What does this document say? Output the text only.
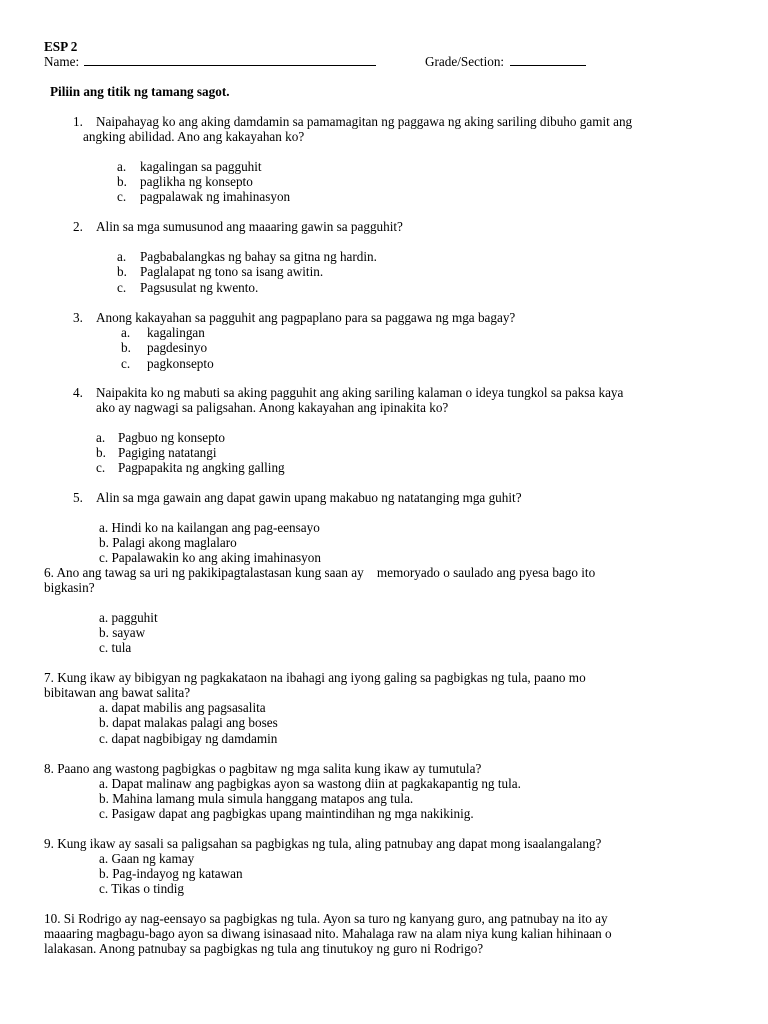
ESP 2
Name:	Grade/Section:
Piliin ang titik ng tamang sagot.
1. Naipahayag ko ang aking damdamin sa pamamagitan ng paggawa ng aking sariling dibuho gamit ang
angking abilidad. Ano ang kakayahan ko?
a. kagalingan sa pagguhit
b. paglikha ng konsepto
c. pagpalawak ng imahinasyon
2. Alin sa mga sumusunod ang maaaring gawin sa pagguhit?
a. Pagbabalangkas ng bahay sa gitna ng hardin.
b. Paglalapat ng tono sa isang awitin.
c. Pagsusulat ng kwento.
3. Anong kakayahan sa pagguhit ang pagpaplano para sa paggawa ng mga bagay?
a. kagalingan
b. pagdesinyo
c. pagkonsepto
4. Naipakita ko ng mabuti sa aking pagguhit ang aking sariling kalaman o ideya tungkol sa paksa kaya
ako ay nagwagi sa paligsahan. Anong kakayahan ang ipinakita ko?
a. Pagbuo ng konsepto
b. Pagiging natatangi
c. Pagpapakita ng angking galling
5. Alin sa mga gawain ang dapat gawin upang makabuo ng natatanging mga guhit?
a. Hindi ko na kailangan ang pag-eensayo
b. Palagi akong maglalaro
c. Papalawakin ko ang aking imahinasyon
6. Ano ang tawag sa uri ng pakikipagtalastasan kung saan ay    memoryado o saulado ang pyesa bago ito
bigkasin?
a. pagguhit
b. sayaw
c. tula
7. Kung ikaw ay bibigyan ng pagkakataon na ibahagi ang iyong galing sa pagbigkas ng tula, paano mo
bibitawan ang bawat salita?
a. dapat mabilis ang pagsasalita
b. dapat malakas palagi ang boses
c. dapat nagbibigay ng damdamin
8. Paano ang wastong pagbigkas o pagbitaw ng mga salita kung ikaw ay tumutula?
a. Dapat malinaw ang pagbigkas ayon sa wastong diin at pagkakapantig ng tula.
b. Mahina lamang mula simula hanggang matapos ang tula.
c. Pasigaw dapat ang pagbigkas upang maintindihan ng mga nakikinig.
9. Kung ikaw ay sasali sa paligsahan sa pagbigkas ng tula, aling patnubay ang dapat mong isaalangalang?
a. Gaan ng kamay
b. Pag-indayog ng katawan
c. Tikas o tindig
10. Si Rodrigo ay nag-eensayo sa pagbigkas ng tula. Ayon sa turo ng kanyang guro, ang patnubay na ito ay
maaaring magbagu-bago ayon sa diwang isinasaad nito. Mahalaga raw na alam niya kung kalian hihinaan o
lalakasan. Anong patnubay sa pagbigkas ng tula ang tinutukoy ng guro ni Rodrigo?
